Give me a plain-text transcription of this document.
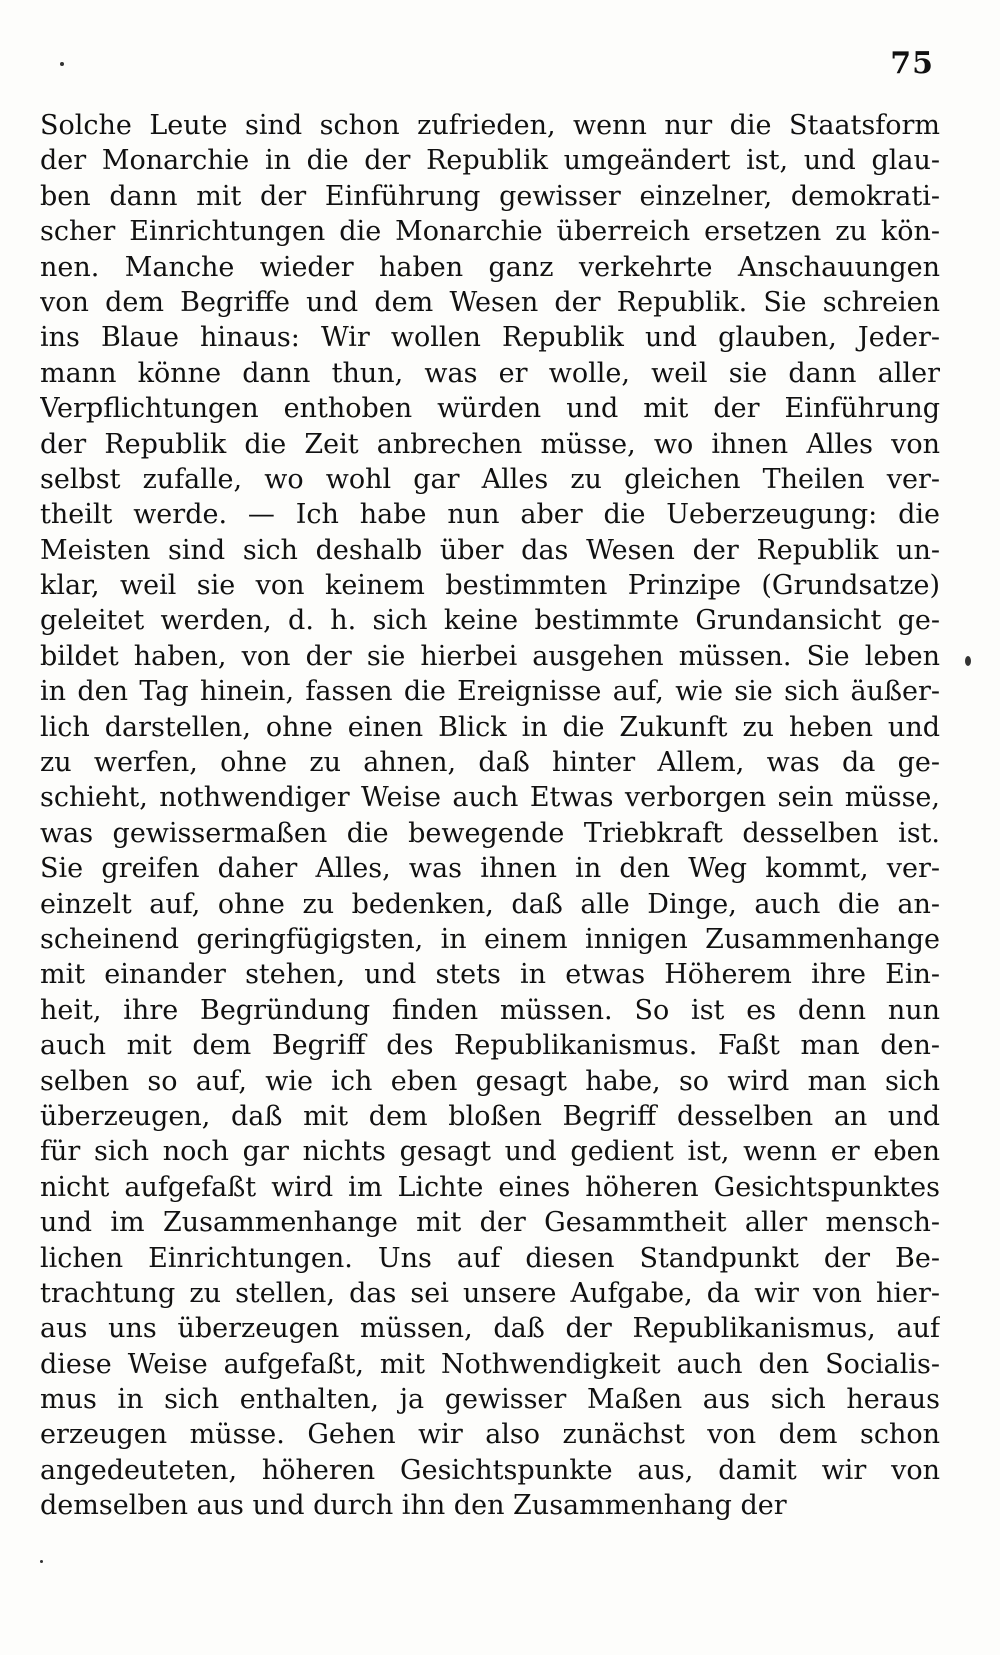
75
Solche Leute sind schon zufrieden, wenn nur die Staatsform
der Monarchie in die der Republik umgeändert ist, und glau-
ben dann mit der Einführung gewisser einzelner, demokrati-
scher Einrichtungen die Monarchie überreich ersetzen zu kön-
nen. Manche wieder haben ganz verkehrte Anschauungen
von dem Begriffe und dem Wesen der Republik. Sie schreien
ins Blaue hinaus: Wir wollen Republik und glauben, Jeder-
mann könne dann thun, was er wolle, weil sie dann aller
Verpflichtungen enthoben würden und mit der Einführung
der Republik die Zeit anbrechen müsse, wo ihnen Alles von
selbst zufalle, wo wohl gar Alles zu gleichen Theilen ver-
theilt werde. — Ich habe nun aber die Ueberzeugung: die
Meisten sind sich deshalb über das Wesen der Republik un-
klar, weil sie von keinem bestimmten Prinzipe (Grundsatze)
geleitet werden, d. h. sich keine bestimmte Grundansicht ge-
bildet haben, von der sie hierbei ausgehen müssen. Sie leben
in den Tag hinein, fassen die Ereignisse auf, wie sie sich äußer-
lich darstellen, ohne einen Blick in die Zukunft zu heben und
zu werfen, ohne zu ahnen, daß hinter Allem, was da ge-
schieht, nothwendiger Weise auch Etwas verborgen sein müsse,
was gewissermaßen die bewegende Triebkraft desselben ist.
Sie greifen daher Alles, was ihnen in den Weg kommt, ver-
einzelt auf, ohne zu bedenken, daß alle Dinge, auch die an-
scheinend geringfügigsten, in einem innigen Zusammenhange
mit einander stehen, und stets in etwas Höherem ihre Ein-
heit, ihre Begründung finden müssen. So ist es denn nun
auch mit dem Begriff des Republikanismus. Faßt man den-
selben so auf, wie ich eben gesagt habe, so wird man sich
überzeugen, daß mit dem bloßen Begriff desselben an und
für sich noch gar nichts gesagt und gedient ist, wenn er eben
nicht aufgefaßt wird im Lichte eines höheren Gesichtspunktes
und im Zusammenhange mit der Gesammtheit aller mensch-
lichen Einrichtungen. Uns auf diesen Standpunkt der Be-
trachtung zu stellen, das sei unsere Aufgabe, da wir von hier-
aus uns überzeugen müssen, daß der Republikanismus, auf
diese Weise aufgefaßt, mit Nothwendigkeit auch den Socialis-
mus in sich enthalten, ja gewisser Maßen aus sich heraus
erzeugen müsse. Gehen wir also zunächst von dem schon
angedeuteten, höheren Gesichtspunkte aus, damit wir von
demselben aus und durch ihn den Zusammenhang der
